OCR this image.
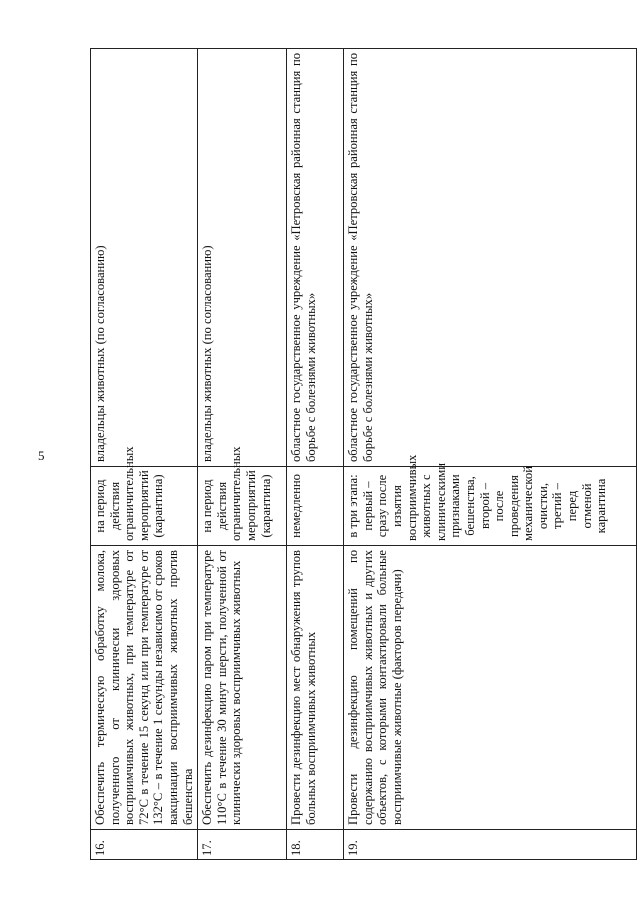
5
16.	Обеспечить термическую обработку молока, полученного от клинически здоровых восприимчивых животных, при температуре от 72°С в течение 15 секунд или при температуре от 132°С – в течение 1 секунды независимо от сроков вакцинации восприимчивых животных против бешенства	на период действия ограничительных мероприятий (карантина)	владельцы животных (по согласованию)
17.	Обеспечить дезинфекцию паром при температуре 110°С в течение 30 минут шерсти, полученной от клинически здоровых восприимчивых животных	на период действия ограничительных мероприятий (карантина)	владельцы животных (по согласованию)
18.	Провести дезинфекцию мест обнаружения трупов больных восприимчивых животных	немедленно	областное государственное учреждение «Петровская районная станция по борьбе с болезнями животных»
19.	Провести дезинфекцию помещений по содержанию восприимчивых животных и других объектов, с которыми контактировали больные восприимчивые животные (факторов передачи)	в три этапа: первый – сразу после изъятия восприимчивых животных с клиническими признаками бешенства, второй – после проведения механической очистки, третий – перед отменой карантина	областное государственное учреждение «Петровская районная станция по борьбе с болезнями животных»
